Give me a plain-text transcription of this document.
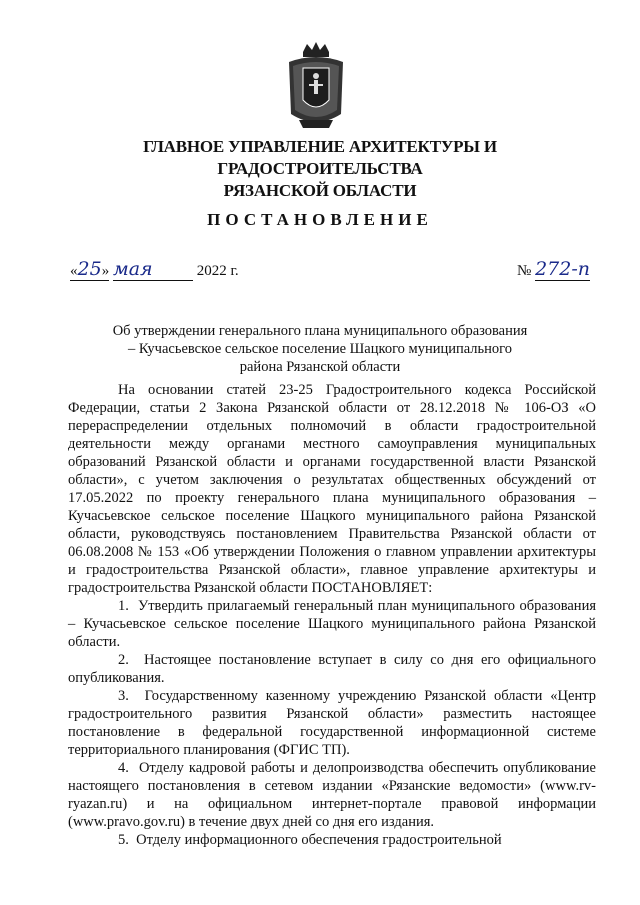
ГЛАВНОЕ УПРАВЛЕНИЕ АРХИТЕКТУРЫ И ГРАДОСТРОИТЕЛЬСТВА
РЯЗАНСКОЙ ОБЛАСТИ
ПОСТАНОВЛЕНИЕ
«25» мая	2022 г.	№ 272-п
Об утверждении генерального плана муниципального образования – Кучасьевское сельское поселение Шацкого муниципального района Рязанской области

На основании статей 23-25 Градостроительного кодекса Российской Федерации, статьи 2 Закона Рязанской области от 28.12.2018 № 106-ОЗ «О перераспределении отдельных полномочий в области градостроительной деятельности между органами местного самоуправления муниципальных образований Рязанской области и органами государственной власти Рязанской области», с учетом заключения о результатах общественных обсуждений от 17.05.2022 по проекту генерального плана муниципального образования – Кучасьевское сельское поселение Шацкого муниципального района Рязанской области, руководствуясь постановлением Правительства Рязанской области от 06.08.2008 № 153 «Об утверждении Положения о главном управлении архитектуры и градостроительства Рязанской области», главное управление архитектуры и градостроительства Рязанской области ПОСТАНОВЛЯЕТ:

1.  Утвердить прилагаемый генеральный план муниципального образования – Кучасьевское сельское поселение Шацкого муниципального района Рязанской области.

2.  Настоящее постановление вступает в силу со дня его официального опубликования.

3.  Государственному казенному учреждению Рязанской области «Центр градостроительного развития Рязанской области» разместить настоящее постановление в федеральной государственной информационной системе территориального планирования (ФГИС ТП).

4.  Отделу кадровой работы и делопроизводства обеспечить опубликование настоящего постановления в сетевом издании «Рязанские ведомости» (www.rv-ryazan.ru) и на официальном интернет-портале правовой информации (www.pravo.gov.ru) в течение двух дней со дня его издания.

5.  Отделу информационного обеспечения градостроительной
